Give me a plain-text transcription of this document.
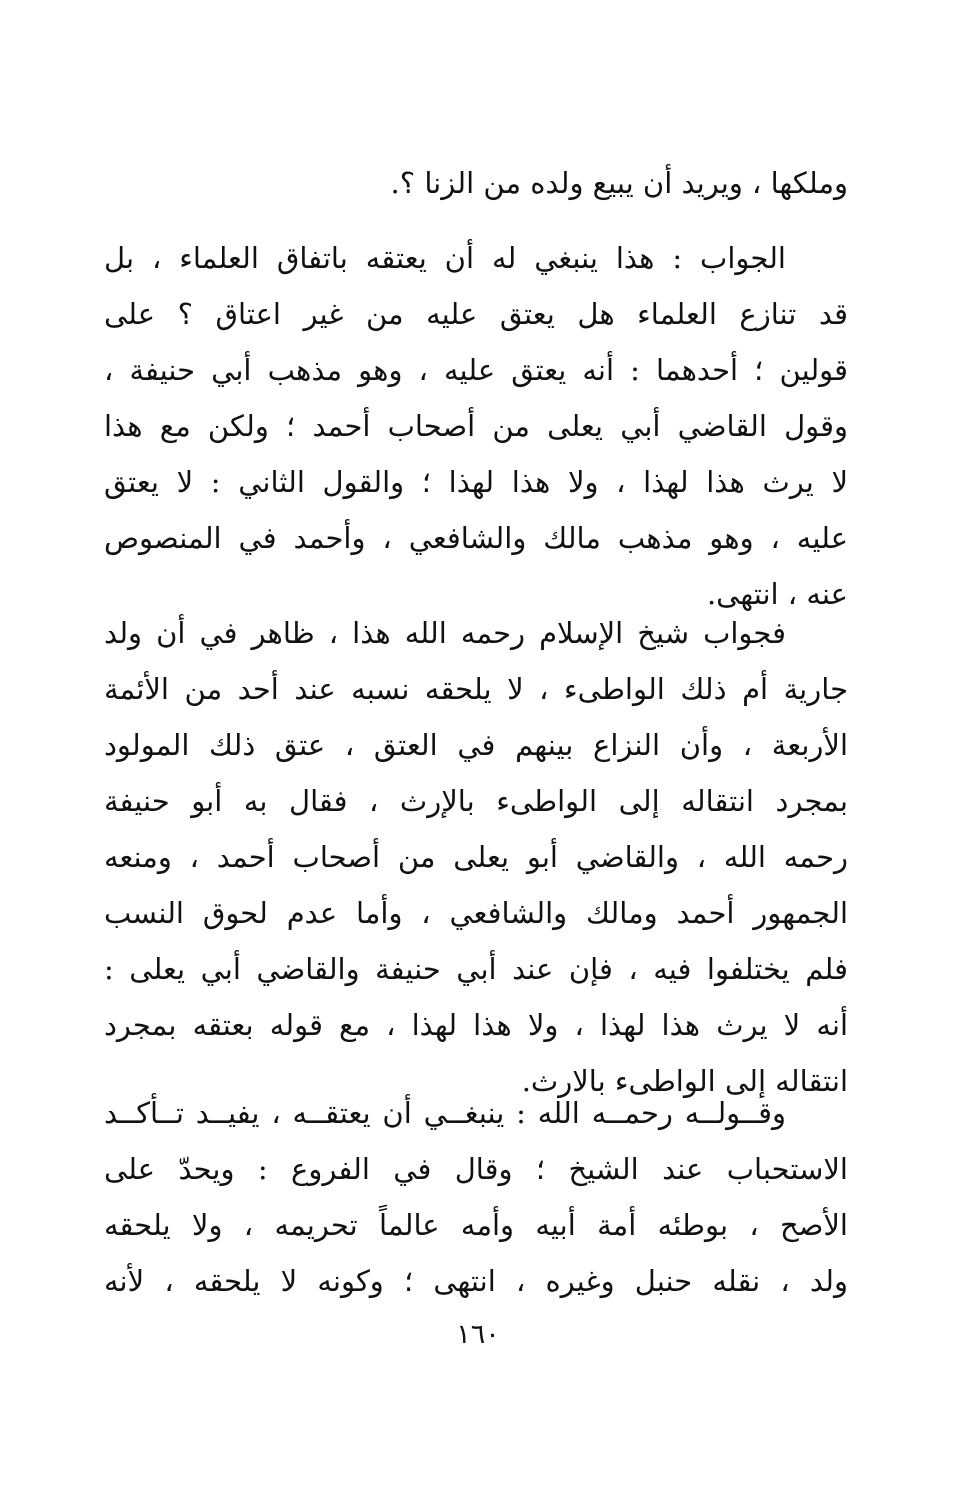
وملكها ، ويريد أن يبيع ولده من الزنا ؟.
الجواب : هذا ينبغي له أن يعتقه باتفاق العلماء ، بل
قد تنازع العلماء هل يعتق عليه من غير اعتاق ؟ على
قولين ؛ أحدهما : أنه يعتق عليه ، وهو مذهب أبي حنيفة ،
وقول القاضي أبي يعلى من أصحاب أحمد ؛ ولكن مع هذا
لا يرث هذا لهذا ، ولا هذا لهذا ؛ والقول الثاني : لا يعتق
عليه ، وهو مذهب مالك والشافعي ، وأحمد في المنصوص
عنه ، انتهى.
فجواب شيخ الإسلام رحمه الله هذا ، ظاهر في أن ولد
جارية أم ذلك الواطىء ، لا يلحقه نسبه عند أحد من الأئمة
الأربعة ، وأن النزاع بينهم في العتق ، عتق ذلك المولود
بمجرد انتقاله إلى الواطىء بالإرث ، فقال به أبو حنيفة
رحمه الله ، والقاضي أبو يعلى من أصحاب أحمد ، ومنعه
الجمهور أحمد ومالك والشافعي ، وأما عدم لحوق النسب
فلم يختلفوا فيه ، فإن عند أبي حنيفة والقاضي أبي يعلى :
أنه لا يرث هذا لهذا ، ولا هذا لهذا ، مع قوله بعتقه بمجرد
انتقاله إلى الواطىء بالارث.
وقــولــه رحمــه الله : ينبغــي أن يعتقــه ، يفيــد تــأكــد
الاستحباب عند الشيخ ؛ وقال في الفروع : ويحدّ على
الأصح ، بوطئه أمة أبيه وأمه عالماً تحريمه ، ولا يلحقه
ولد ، نقله حنبل وغيره ، انتهى ؛ وكونه لا يلحقه ، لأنه
١٦٠
